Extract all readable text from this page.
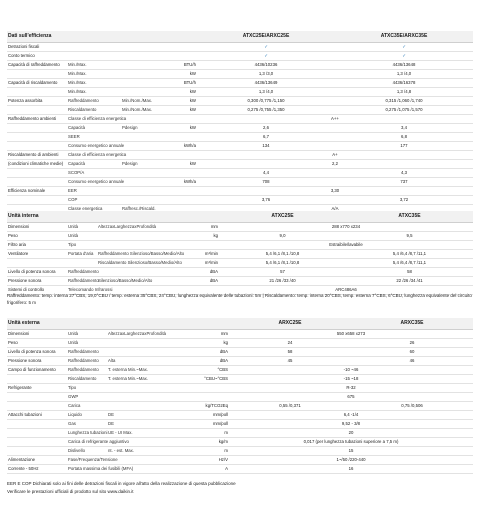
Dati sull'efficienza				ATXC25E/ARXC25E	ATXC35E/ARXC35E
Detrazioni fiscali				✓	✓
Conto termico				✓	✓
Capacità di raffreddamento	Min./Max.		BTU/h	4436/10236	4436/13648
	Min./Max.		kW	1,3 /3,0	1,3 /4,0
Capacità di riscaldamento	Min./Max.		BTU/h	4436/13649	4436/16378
	Min./Max.		kW	1,3 /4,0	1,3 /4,8
Potenza assorbita	Raffreddamento	Min./Nom./Max.	kW	0,300 /0,775 /1,150	0,315 /1,060 /1,740
	Riscaldamento	Min./Nom./Max.	kW	0,275 /0,755 /1,350	0,275 /1,075 /1,570
Raffreddamento ambienti	Classe di efficienza energetica			A++	
	Capacità	Pdesign	kW	2,6	3,4
	SEER			6,7	6,8
	Consumo energetico annuale		kWh/a	134	177
Riscaldamento di ambienti	Classe di efficienza energetica			A+	
(condizioni climatiche medie)	Capacità	Pdesign	kW	2,2	
	SCOP/A			4,4	4,3
	Consumo energetico annuale		kWh/a	708	737
Efficienza nominale	EER			3,30	
	COP			3,76	3,72
	Classe energetica	Raffresc./Riscald.		A/A	
Unità interna				ATXC25E	ATXC35E
Dimensioni	Unità	AltezzaxLarghezzaxProfondità	mm	288 x770 x234	
Peso	Unità		kg	9,0	9,5
Filtro aria	Tipo			Estraibile/lavabile	
Ventilatore	Portata d'aria	Raffreddamento Silenzioso/Basso/Medio/Alto	m³/min	5,4 /6,1 /8,1 /10,8	5,4 /6,4 /8,7 /11,1
		Riscaldamento Silenzioso/Basso/Medio/Alto	m³/min	5,4 /6,1 /8,1 /10,8	5,4 /6,4 /8,7 /11,1
Livello di potenza sonora	Raffreddamento		dBA	57	58
Pressione sonora	Raffreddamento	Silenzioso/Basso/Medio/Alto	dBA	21 /26 /33 /40	22 /26 /34 /41
Sistemi di controllo	Telecomando Infrarossi			ARC486A6	
Raffreddamento: temp. interna 27°CBS, 19,0°CBU / temp. esterna 35°CBS, 24°CBU, lunghezza equivalente delle tubazioni: 5m | Riscaldamento: temp. interna 20°CBS, temp. esterna 7°CBS, 6°CBU, lunghezza equivalente del circuito frigorifero: 5 m
Unità esterna				ARXC25E	ARXC35E
Dimensioni	Unità	AltezzaxLarghezzaxProfondità	mm	550 x658 x273	
Peso	Unità		kg	24	26
Livello di potenza sonora	Raffreddamento		dBA	58	60
Pressione sonora	Raffreddamento	Alta	dBA	45	46
Campo di funzionamento	Raffreddamento	T. esterna Min.~Max.	°CBS	-10 ~46	
	Riscaldamento	T. esterna Min.~Max.	°CBU~°CBS	-15 ~18	
Refrigerante	Tipo			R-32	
	GWP			675	
	Carica		kg/TCO2Eq	0,55 /0,371	0,75 /0,506
Attacchi tubazioni	Liquido	DE	mm/poll	6,4 -1/4	
	Gas	DE	mm/poll	9,52 - 3/8	
	Lunghezza tubazioni	UE - UI Max.	m	20	
	Carica di refrigerante aggiuntivo		kg/m	0,017 (per lunghezza tubazioni superiore a 7,5 m)	
	Dislivello	nt. - est. Max.	m	15	
Alimentazione	Fase/Frequenza/Tensione		Hz/V	1~/50 /220-440	
Corrente - 50Hz	Portata massima dei fusibili (MFA)		A	16	
EER E COP Dichiarati solo ai fini delle detrazioni fiscali in vigore all'atto della realizzazione di questa pubblicazione
Verificare le prestazioni ufficiali di prodotto sul sito www.daikin.it
